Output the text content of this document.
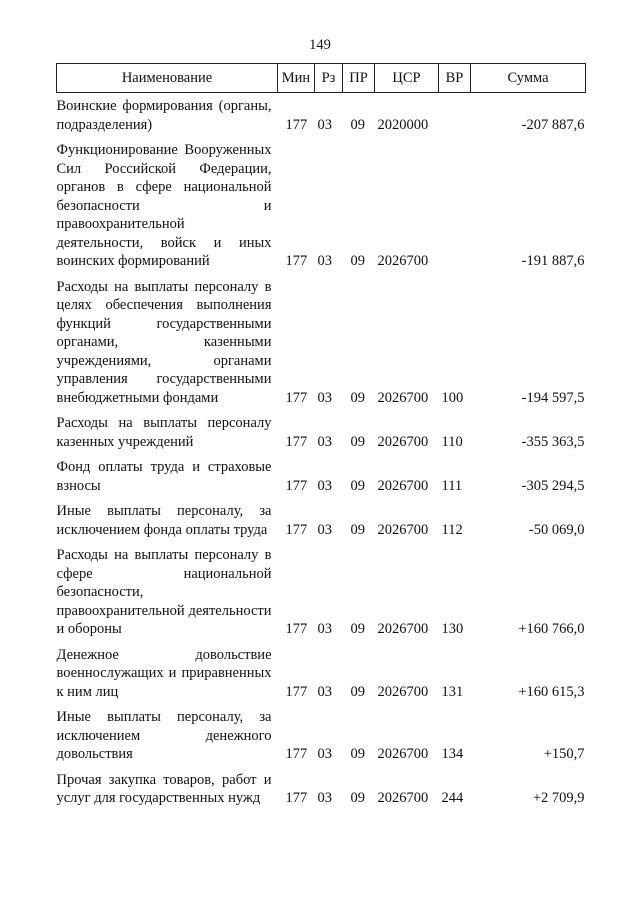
149
Наименование	Мин	Рз	ПР	ЦСР	ВР	Сумма

Воинские формирования (органы, подразделения)	177	03	09	2020000		-207 887,6

Функционирование Вооруженных Сил Российской Федерации, органов в сфере национальной безопасности и правоохранительной деятельности, войск и иных воинских формирований	177	03	09	2026700		-191 887,6

Расходы на выплаты персоналу в целях обеспечения выполнения функций государственными органами, казенными учреждениями, органами управления государственными внебюджетными фондами	177	03	09	2026700	100	-194 597,5

Расходы на выплаты персоналу казенных учреждений	177	03	09	2026700	110	-355 363,5

Фонд оплаты труда и страховые взносы	177	03	09	2026700	111	-305 294,5

Иные выплаты персоналу, за исключением фонда оплаты труда	177	03	09	2026700	112	-50 069,0

Расходы на выплаты персоналу в сфере национальной безопасности, правоохранительной деятельности и обороны	177	03	09	2026700	130	+160 766,0

Денежное довольствие военнослужащих и приравненных к ним лиц	177	03	09	2026700	131	+160 615,3

Иные выплаты персоналу, за исключением денежного довольствия	177	03	09	2026700	134	+150,7

Прочая закупка товаров, работ и услуг для государственных нужд	177	03	09	2026700	244	+2 709,9
